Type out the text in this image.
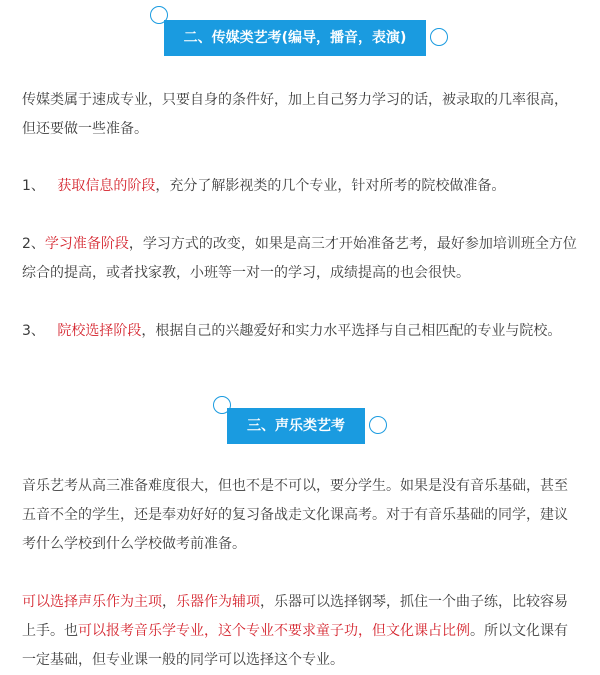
二、传媒类艺考(编导，播音，表演)
传媒类属于速成专业，只要自身的条件好，加上自己努力学习的话，被录取的几率很高，
但还要做一些准备。
1、 获取信息的阶段，充分了解影视类的几个专业，针对所考的院校做准备。
2、学习准备阶段，学习方式的改变，如果是高三才开始准备艺考，最好参加培训班全方位
综合的提高，或者找家教，小班等一对一的学习，成绩提高的也会很快。
3、 院校选择阶段，根据自己的兴趣爱好和实力水平选择与自己相匹配的专业与院校。
三、声乐类艺考
音乐艺考从高三准备难度很大，但也不是不可以，要分学生。如果是没有音乐基础，甚至
五音不全的学生，还是奉劝好好的复习备战走文化课高考。对于有音乐基础的同学，建议
考什么学校到什么学校做考前准备。
可以选择声乐作为主项，乐器作为辅项，乐器可以选择钢琴，抓住一个曲子练，比较容易
上手。也可以报考音乐学专业，这个专业不要求童子功，但文化课占比例。所以文化课有
一定基础，但专业课一般的同学可以选择这个专业。
